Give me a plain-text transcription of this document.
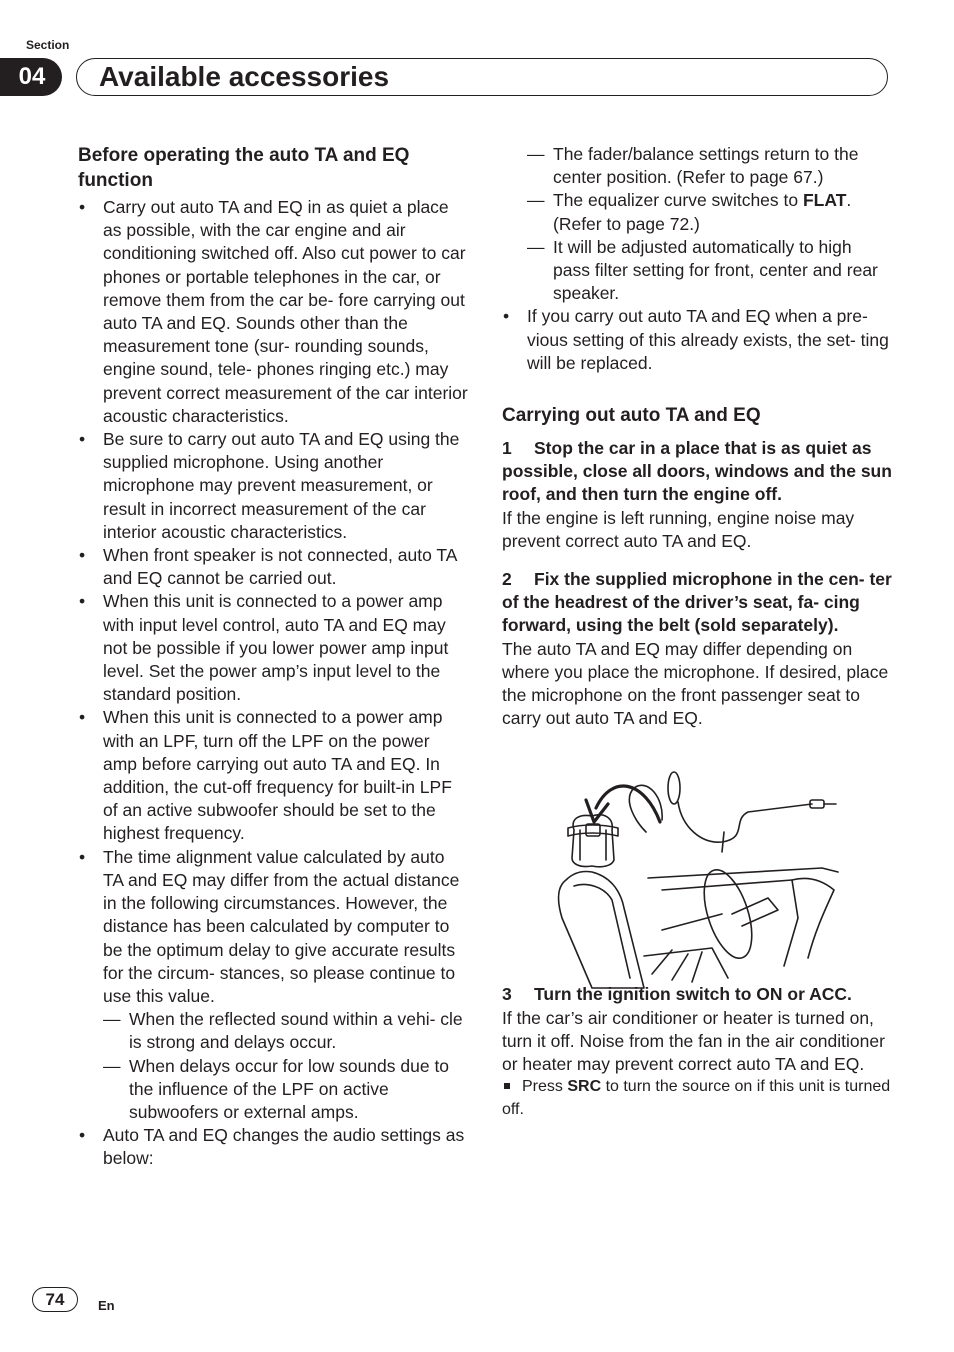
Section
04	Available accessories
Before operating the auto TA and EQ function
• Carry out auto TA and EQ in as quiet a place as possible, with the car engine and air conditioning switched off. Also cut power to car phones or portable telephones in the car, or remove them from the car be- fore carrying out auto TA and EQ. Sounds other than the measurement tone (sur- rounding sounds, engine sound, tele- phones ringing etc.) may prevent correct measurement of the car interior acoustic characteristics.
• Be sure to carry out auto TA and EQ using the supplied microphone. Using another microphone may prevent measurement, or result in incorrect measurement of the car interior acoustic characteristics.
• When front speaker is not connected, auto TA and EQ cannot be carried out.
• When this unit is connected to a power amp with input level control, auto TA and EQ may not be possible if you lower power amp input level. Set the power amp’s input level to the standard position.
• When this unit is connected to a power amp with an LPF, turn off the LPF on the power amp before carrying out auto TA and EQ. In addition, the cut-off frequency for built-in LPF of an active subwoofer should be set to the highest frequency.
• The time alignment value calculated by auto TA and EQ may differ from the actual distance in the following circumstances. However, the distance has been calculated by computer to be the optimum delay to give accurate results for the circum- stances, so please continue to use this value.
— When the reflected sound within a vehi- cle is strong and delays occur.
— When delays occur for low sounds due to the influence of the LPF on active subwoofers or external amps.
• Auto TA and EQ changes the audio settings as below:
— The fader/balance settings return to the center position. (Refer to page 67.)
— The equalizer curve switches to FLAT. (Refer to page 72.)
— It will be adjusted automatically to high pass filter setting for front, center and rear speaker.
• If you carry out auto TA and EQ when a pre- vious setting of this already exists, the set- ting will be replaced.
Carrying out auto TA and EQ

1 Stop the car in a place that is as quiet as possible, close all doors, windows and the sun roof, and then turn the engine off.

If the engine is left running, engine noise may prevent correct auto TA and EQ.

2 Fix the supplied microphone in the cen- ter of the headrest of the driver’s seat, fa- cing forward, using the belt (sold separately).

The auto TA and EQ may differ depending on where you place the microphone. If desired, place the microphone on the front passenger seat to carry out auto TA and EQ.

3 Turn the ignition switch to ON or ACC.

If the car’s air conditioner or heater is turned on, turn it off. Noise from the fan in the air conditioner or heater may prevent correct auto TA and EQ.

Press SRC to turn the source on if this unit is turned off.

74	En
